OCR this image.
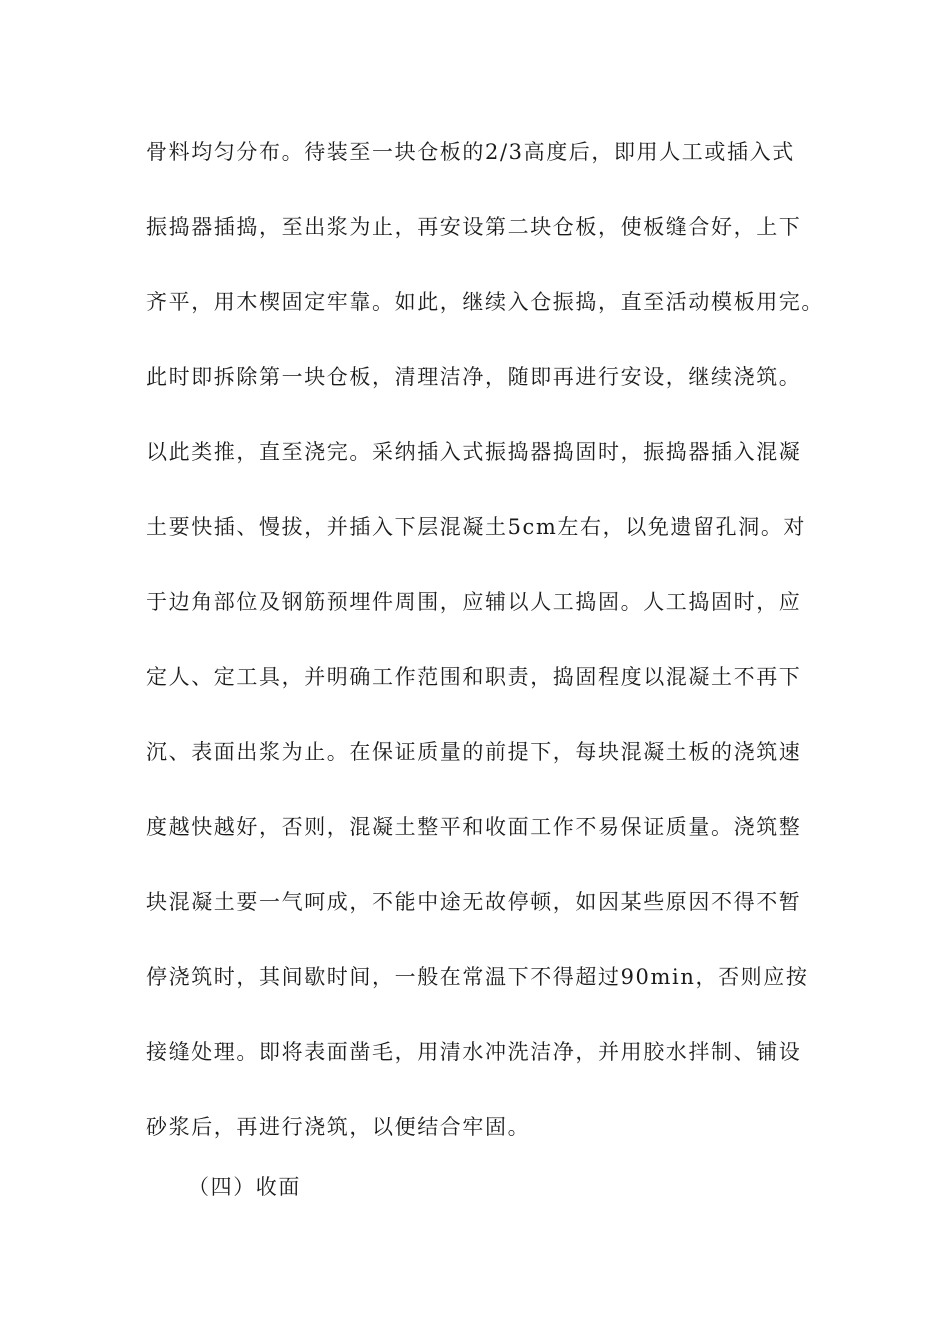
骨料均匀分布。待装至一块仓板的2/3高度后，即用人工或插入式
振捣器插捣，至出浆为止，再安设第二块仓板，使板缝合好，上下
齐平，用木楔固定牢靠。如此，继续入仓振捣，直至活动模板用完。
此时即拆除第一块仓板，清理洁净，随即再进行安设，继续浇筑。
以此类推，直至浇完。采纳插入式振捣器捣固时，振捣器插入混凝
土要快插、慢拔，并插入下层混凝土5cm左右，以免遗留孔洞。对
于边角部位及钢筋预埋件周围，应辅以人工捣固。人工捣固时，应
定人、定工具，并明确工作范围和职责，捣固程度以混凝土不再下
沉、表面出浆为止。在保证质量的前提下，每块混凝土板的浇筑速
度越快越好，否则，混凝土整平和收面工作不易保证质量。浇筑整
块混凝土要一气呵成，不能中途无故停顿，如因某些原因不得不暂
停浇筑时，其间歇时间，一般在常温下不得超过90min，否则应按
接缝处理。即将表面凿毛，用清水冲洗洁净，并用胶水拌制、铺设
砂浆后，再进行浇筑，以便结合牢固。
（四）收面
